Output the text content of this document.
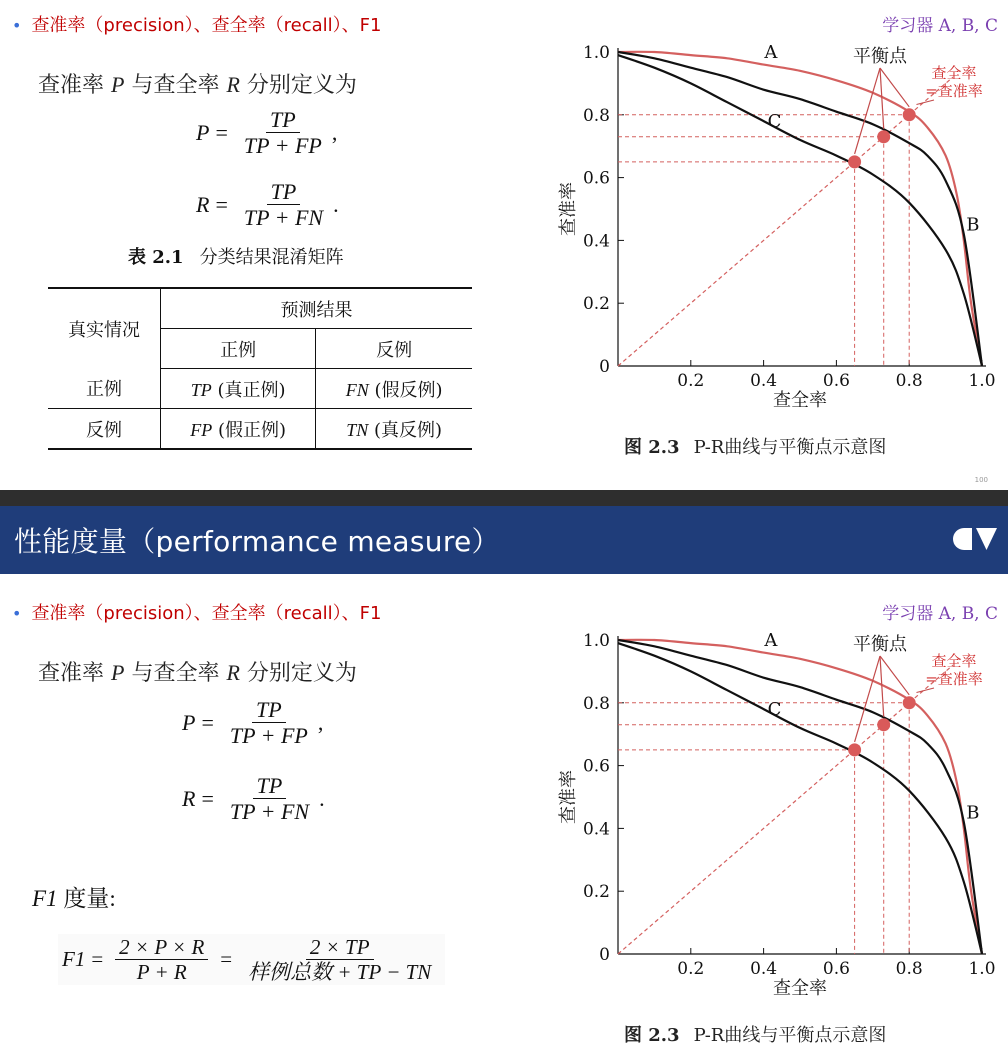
• 查准率（precision）、查全率（recall）、F1
查准率 P 与查全率 R 分别定义为
$P = \frac{TP}{TP + FP}$ ,
$R = \frac{TP}{TP + FN}$ .
表 2.1 分类结果混淆矩阵
真实情况	预测结果	
	正例	反例
正例	TP (真正例)	FN (假反例)
反例	FP (假正例)	TN (真反例)
0
0.2
0.4
0.6
0.8
1.0
0.2	0.4	0.6	0.8	1.0
查全率
查准率
A
C
B
平衡点
查全率
=查准率
学习器 A, B, C
图 2.3 P-R曲线与平衡点示意图
100
性能度量（performance measure）
• 查准率（precision）、查全率（recall）、F1
查准率 P 与查全率 R 分别定义为
$P = \frac{TP}{TP + FP}$ ,
$R = \frac{TP}{TP + FN}$ .
F1 度量:
$F1 = \frac{2 \times P \times R}{P + R} = \frac{2 \times TP}{\text{样例总数 + TP − TN}}$	0
0.2
0.4
0.6
0.8
1.0
0.2	0.4	0.6	0.8	1.0
查全率
查准率
A
C
B
平衡点
查全率
=查准率
学习器 A, B, C
图 2.3 P-R曲线与平衡点示意图
